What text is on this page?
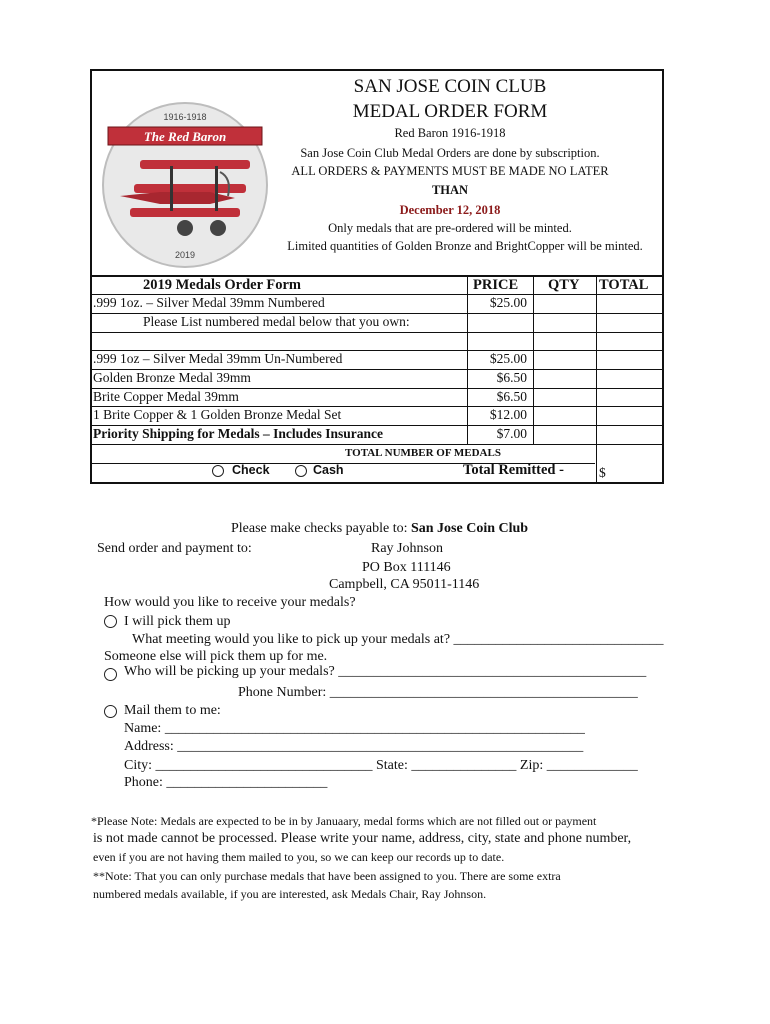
1916-1918
The Red Baron
2019
SAN JOSE COIN CLUB
MEDAL ORDER FORM
Red Baron 1916-1918
San Jose Coin Club Medal Orders are done by subscription.
ALL ORDERS & PAYMENTS MUST BE MADE NO LATER
THAN
December 12, 2018
Only medals that are pre-ordered will be minted.
Limited quantities of Golden Bronze and BrightCopper will be minted.
2019 Medals Order Form	PRICE QTY TOTAL
.999 1oz. – Silver Medal 39mm Numbered	$25.00
Please List numbered medal below that you own:
.999 1oz – Silver Medal 39mm Un-Numbered	$25.00
Golden Bronze Medal 39mm	$6.50
Brite Copper Medal 39mm	$6.50
1 Brite Copper & 1 Golden Bronze Medal Set	$12.00
Priority Shipping for Medals – Includes Insurance	$7.00
TOTAL NUMBER OF MEDALS
Check	Cash	Total Remitted -	$
Please make checks payable to: San Jose Coin Club
Send order and payment to:	Ray Johnson
PO Box 111146
Campbell, CA 95011-1146
How would you like to receive your medals?
I will pick them up
What meeting would you like to pick up your medals at? ______________________________
Someone else will pick them up for me.
Who will be picking up your medals? ____________________________________________
Phone Number: ____________________________________________
Mail them to me:
Name: ____________________________________________________________
Address: __________________________________________________________
City: _______________________________ State: _______________ Zip: _____________
Phone: _______________________
*Please Note: Medals are expected to be in by Januaary, medal forms which are not filled out or payment
is not made cannot be processed. Please write your name, address, city, state and phone number,
even if you are not having them mailed to you, so we can keep our records up to date.
**Note: That you can only purchase medals that have been assigned to you. There are some extra
numbered medals available, if you are interested, ask Medals Chair, Ray Johnson.
